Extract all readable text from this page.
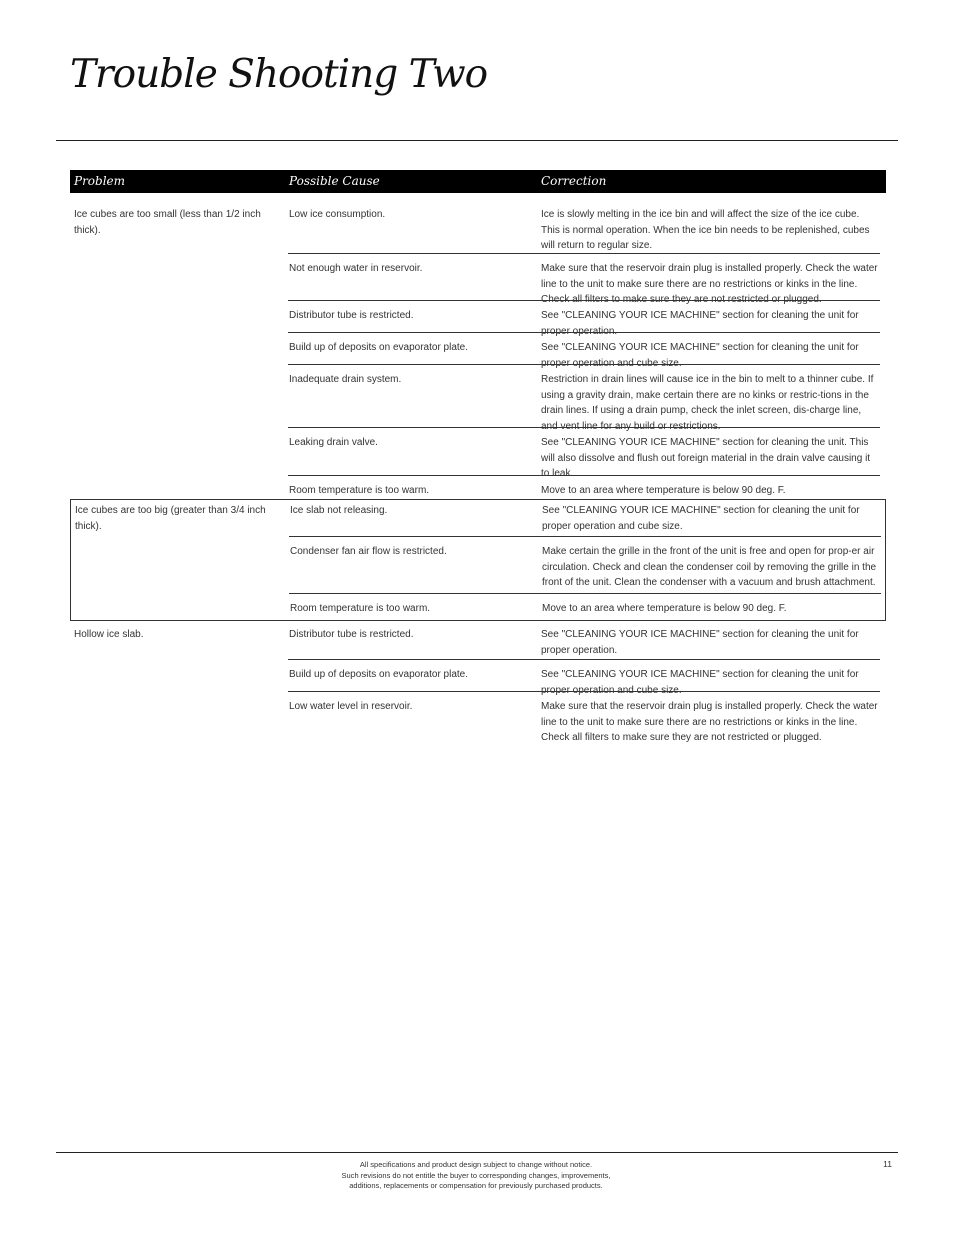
Trouble Shooting Two
Problem	Possible Cause	Correction
Ice cubes are too small (less than 1/2 inch thick).
Low ice consumption.	Ice is slowly melting in the ice bin and will affect the size of the ice cube. This is normal operation. When the ice bin needs to be replenished, cubes will return to regular size.
Not enough water in reservoir.	Make sure that the reservoir drain plug is installed properly. Check the water line to the unit to make sure there are no restrictions or kinks in the line. Check all filters to make sure they are not restricted or plugged.
Distributor tube is restricted.	See "CLEANING YOUR ICE MACHINE" section for cleaning the unit for proper operation.
Build up of deposits on evaporator plate.	See "CLEANING YOUR ICE MACHINE" section for cleaning the unit for proper operation and cube size.
Inadequate drain system.	Restriction in drain lines will cause ice in the bin to melt to a thinner cube. If using a gravity drain, make certain there are no kinks or restric-tions in the drain lines. If using a drain pump, check the inlet screen, dis-charge line, and vent line for any build or restrictions.
Leaking drain valve.	See "CLEANING YOUR ICE MACHINE" section for cleaning the unit. This will also dissolve and flush out foreign material in the drain valve causing it to leak.
Room temperature is too warm.	Move to an area where temperature is below 90 deg. F.
Ice cubes are too big (greater than 3/4 inch thick).
Ice slab not releasing.	See "CLEANING YOUR ICE MACHINE" section for cleaning the unit for proper operation and cube size.
Condenser fan air flow is restricted.	Make certain the grille in the front of the unit is free and open for prop-er air circulation. Check and clean the condenser coil by removing the grille in the front of the unit. Clean the condenser with a vacuum and brush attachment.
Room temperature is too warm.	Move to an area where temperature is below 90 deg. F.
Hollow ice slab.	Distributor tube is restricted.	See "CLEANING YOUR ICE MACHINE" section for cleaning the unit for proper operation.
Build up of deposits on evaporator plate.	See "CLEANING YOUR ICE MACHINE" section for cleaning the unit for proper operation and cube size.
Low water level in reservoir.	Make sure that the reservoir drain plug is installed properly. Check the water line to the unit to make sure there are no restrictions or kinks in the line. Check all filters to make sure they are not restricted or plugged.
All specifications and product design subject to change without notice.
Such revisions do not entitle the buyer to corresponding changes, improvements,
additions, replacements or compensation for previously purchased products.
11
